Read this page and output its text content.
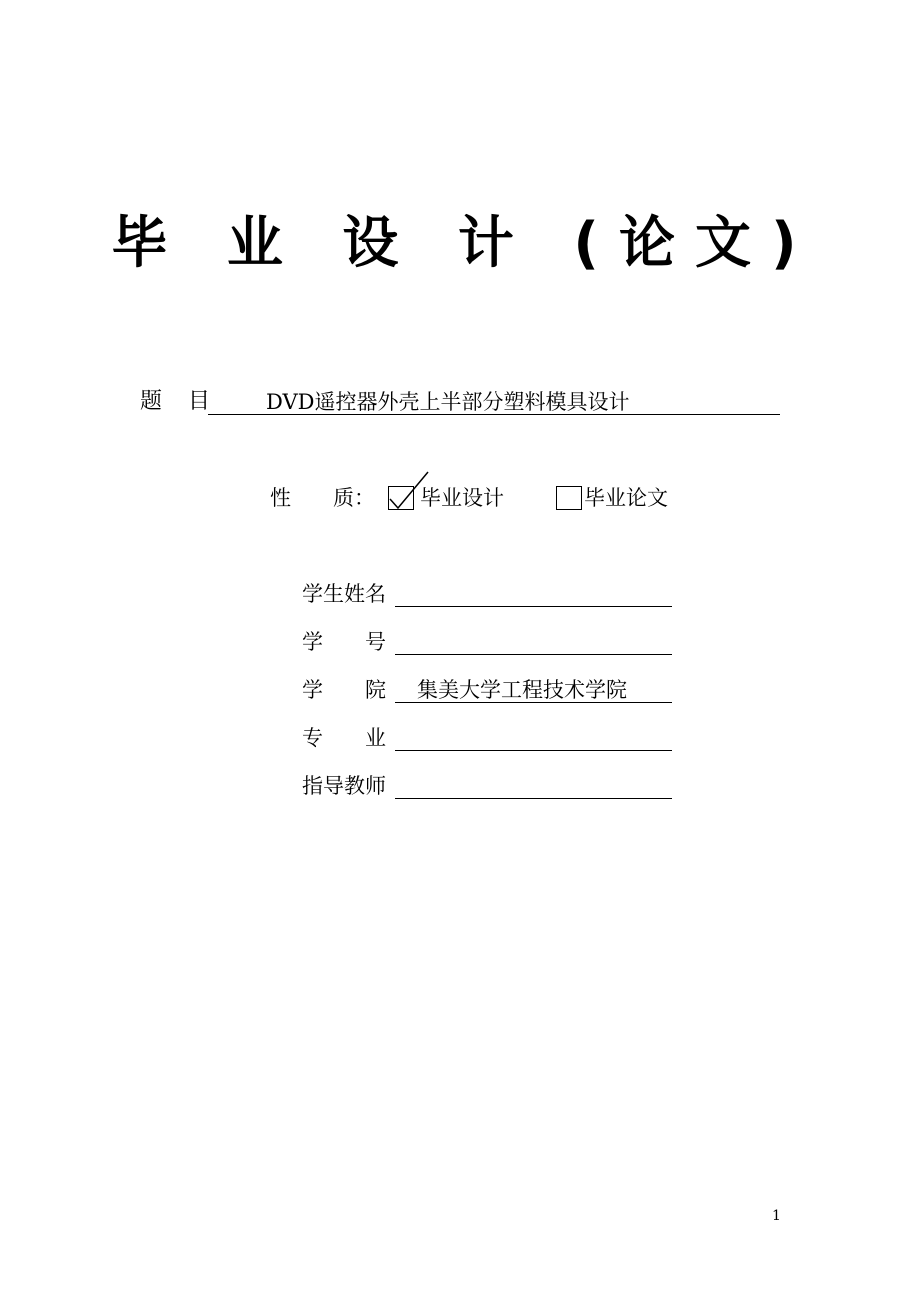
毕 业 设 计 (论文)
题 目	DVD遥控器外壳上半部分塑料模具设计
性　　质： 毕业设计	毕业论文
学生姓名
学　　号
学　　院 集美大学工程技术学院
专　　业
指导教师
1
